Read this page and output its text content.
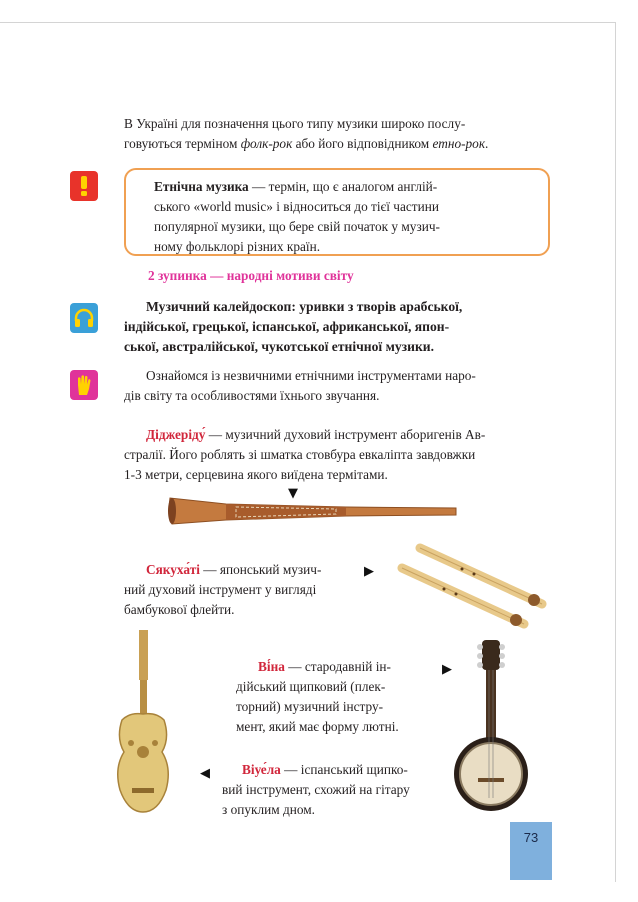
В Україні для позначення цього типу музики широко послу-
говуються терміном фолк-рок або його відповідником етно-рок.
Етнічна музика — термін, що є аналогом англій-
ського «world music» і відноситься до тієї частини
популярної музики, що бере свій початок у музич-
ному фольклорі різних країн.
2 зупинка — народні мотиви світу
Музичний калейдоскоп: уривки з творів арабської,
індійської, грецької, іспанської, африканської, япон-
ської, австралійської, чукотської етнічної музики.
Ознайомся із незвичними етнічними інструментами наро-
дів світу та особливостями їхнього звучання.
Діджеріду́ — музичний духовий інструмент аборигенів Ав-
стралії. Його роблять зі шматка стовбура евкаліпта завдовжки
1-3 метри, серцевина якого виїдена термітами.
▼
Сякуха́ті — японський музич-
ний духовий інструмент у вигляді
бамбукової флейти.
▶
Ві́на — стародавній ін-
дійський щипковий (плек-
торний) музичний інстру-
мент, який має форму лютні.
▶
◀	Віуе́ла — іспанський щипко-
вий інструмент, схожий на гітару
з опуклим дном.
73
